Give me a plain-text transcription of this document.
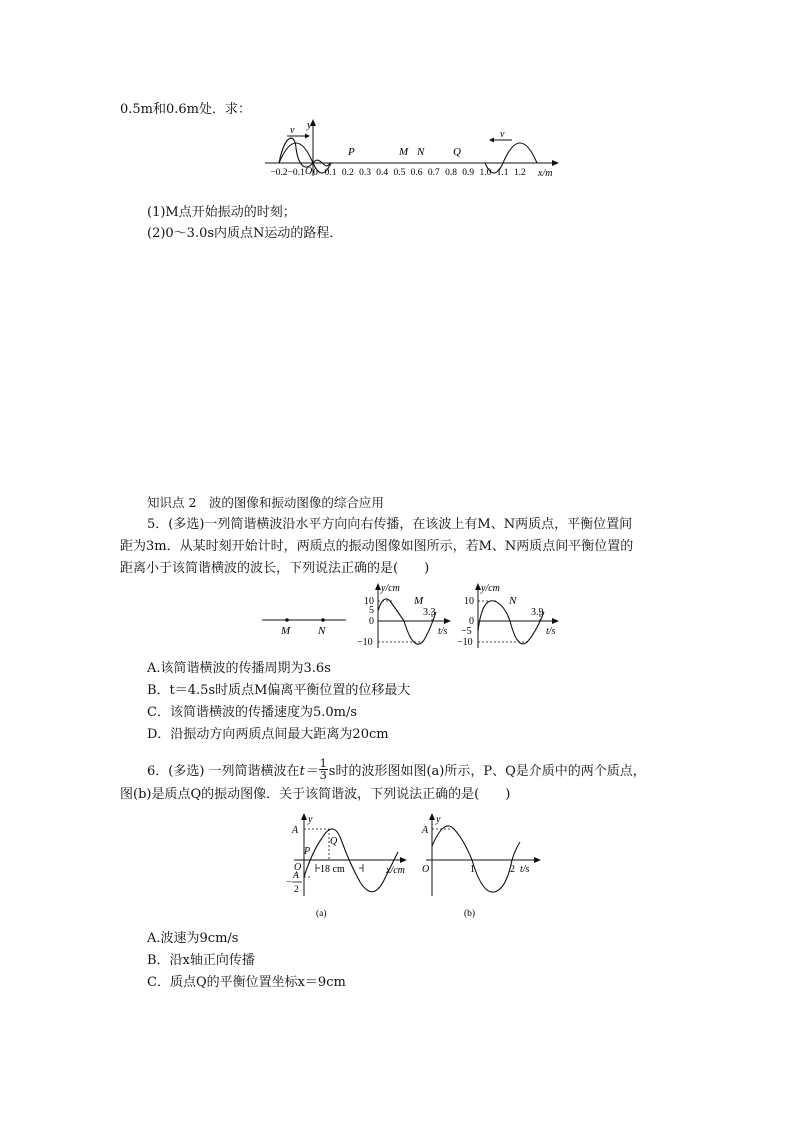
0.5m和0.6m处．求：
y
x/m
v	v
P	M N	Q
O
−0.2 −0.1 0 0.1 0.2 0.3 0.4 0.5 0.6 0.7 0.8 0.9 1.0 1.1 1.2
(1)M点开始振动的时刻；
(2)0～3.0s内质点N运动的路程．
知识点 2　波的图像和振动图像的综合应用
5．(多选)一列简谐横波沿水平方向向右传播，在该波上有M、N两质点，平衡位置间
距为3m．从某时刻开始计时，两质点的振动图像如图所示，若M、N两质点间平衡位置的
距离小于该简谐横波的波长，下列说法正确的是(　　)
M	N
y/cm
10
5
0
−10
3.3
M
t/s
y/cm
10
0
−5
−10
3.9
N
t/s
A.该简谐横波的传播周期为3.6s
B．t＝4.5s时质点M偏离平衡位置的位移最大
C．该简谐横波的传播速度为5.0m/s
D．沿振动方向两质点间最大距离为20cm
6．(多选) 一列简谐横波在$t= \frac{1}{3}$ s时的波形图如图(a)所示，P、Q是介质中的两个质点，
图(b)是质点Q的振动图像．关于该简谐波，下列说法正确的是(　　)
y
A
O
−
A
2
P
Q
18 cm	x/cm
(a)
y
A
O	1	2 t/s
(b)
A.波速为9cm/s
B．沿x轴正向传播
C．质点Q的平衡位置坐标x＝9cm
